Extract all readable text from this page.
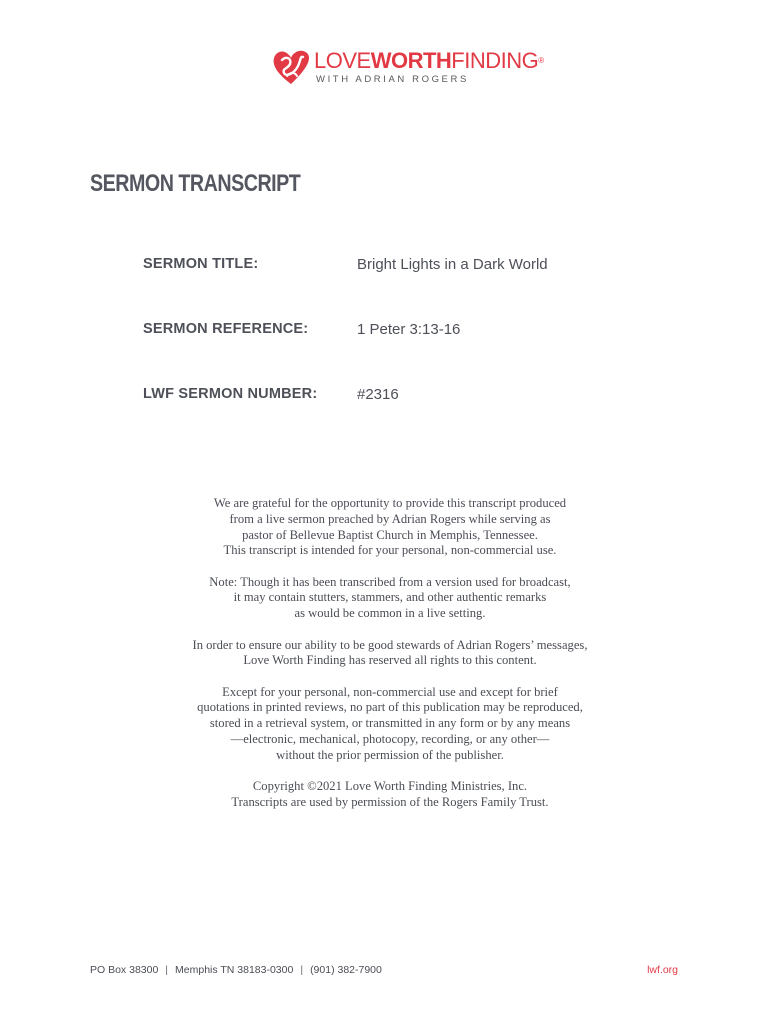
LOVEWORTHFINDING®
WITH ADRIAN ROGERS
SERMON TRANSCRIPT
SERMON TITLE:	Bright Lights in a Dark World
SERMON REFERENCE:	1 Peter 3:13-16
LWF SERMON NUMBER:	#2316

We are grateful for the opportunity to provide this transcript produced
from a live sermon preached by Adrian Rogers while serving as
pastor of Bellevue Baptist Church in Memphis, Tennessee.
This transcript is intended for your personal, non-commercial use.

Note: Though it has been transcribed from a version used for broadcast,
it may contain stutters, stammers, and other authentic remarks
as would be common in a live setting.

In order to ensure our ability to be good stewards of Adrian Rogers’ messages,
Love Worth Finding has reserved all rights to this content.

Except for your personal, non-commercial use and except for brief
quotations in printed reviews, no part of this publication may be reproduced,
stored in a retrieval system, or transmitted in any form or by any means
—electronic, mechanical, photocopy, recording, or any other—
without the prior permission of the publisher.

Copyright ©2021 Love Worth Finding Ministries, Inc.
Transcripts are used by permission of the Rogers Family Trust.

PO Box 38300 | Memphis TN 38183-0300 | (901) 382-7900	lwf.org
